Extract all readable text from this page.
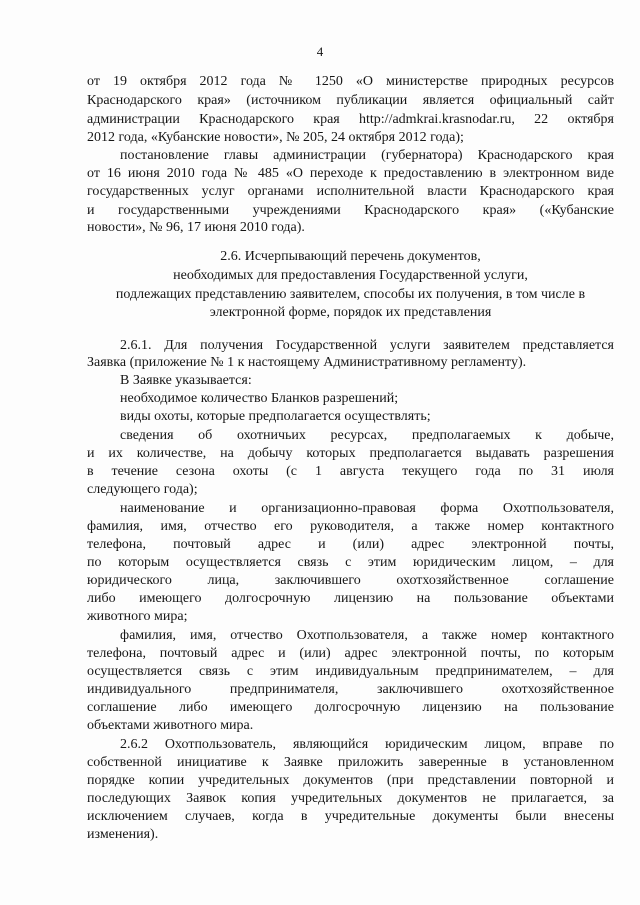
4
от 19 октября 2012 года № 1250 «О министерстве природных ресурсов
Краснодарского края» (источником публикации является официальный сайт
администрации Краснодарского края http://admkrai.krasnodar.ru, 22 октября
2012 года, «Кубанские новости», № 205, 24 октября 2012 года);
постановление главы администрации (губернатора) Краснодарского края
от 16 июня 2010 года № 485 «О переходе к предоставлению в электронном виде
государственных услуг органами исполнительной власти Краснодарского края
и государственными учреждениями Краснодарского края» («Кубанские
новости», № 96, 17 июня 2010 года).
2.6. Исчерпывающий перечень документов,
необходимых для предоставления Государственной услуги,
подлежащих представлению заявителем, способы их получения, в том числе в
электронной форме, порядок их представления
2.6.1. Для получения Государственной услуги заявителем представляется
Заявка (приложение № 1 к настоящему Административному регламенту).
В Заявке указывается:
необходимое количество Бланков разрешений;
виды охоты, которые предполагается осуществлять;
сведения об охотничьих ресурсах, предполагаемых к добыче,
и их количестве, на добычу которых предполагается выдавать разрешения
в течение сезона охоты (с 1 августа текущего года по 31 июля
следующего года);
наименование и организационно-правовая форма Охотпользователя,
фамилия, имя, отчество его руководителя, а также номер контактного
телефона, почтовый адрес и (или) адрес электронной почты,
по которым осуществляется связь с этим юридическим лицом, – для
юридического лица, заключившего охотхозяйственное соглашение
либо имеющего долгосрочную лицензию на пользование объектами
животного мира;
фамилия, имя, отчество Охотпользователя, а также номер контактного
телефона, почтовый адрес и (или) адрес электронной почты, по которым
осуществляется связь с этим индивидуальным предпринимателем, – для
индивидуального предпринимателя, заключившего охотхозяйственное
соглашение либо имеющего долгосрочную лицензию на пользование
объектами животного мира.
2.6.2 Охотпользователь, являющийся юридическим лицом, вправе по
собственной инициативе к Заявке приложить заверенные в установленном
порядке копии учредительных документов (при представлении повторной и
последующих Заявок копия учредительных документов не прилагается, за
исключением случаев, когда в учредительные документы были внесены
изменения).
